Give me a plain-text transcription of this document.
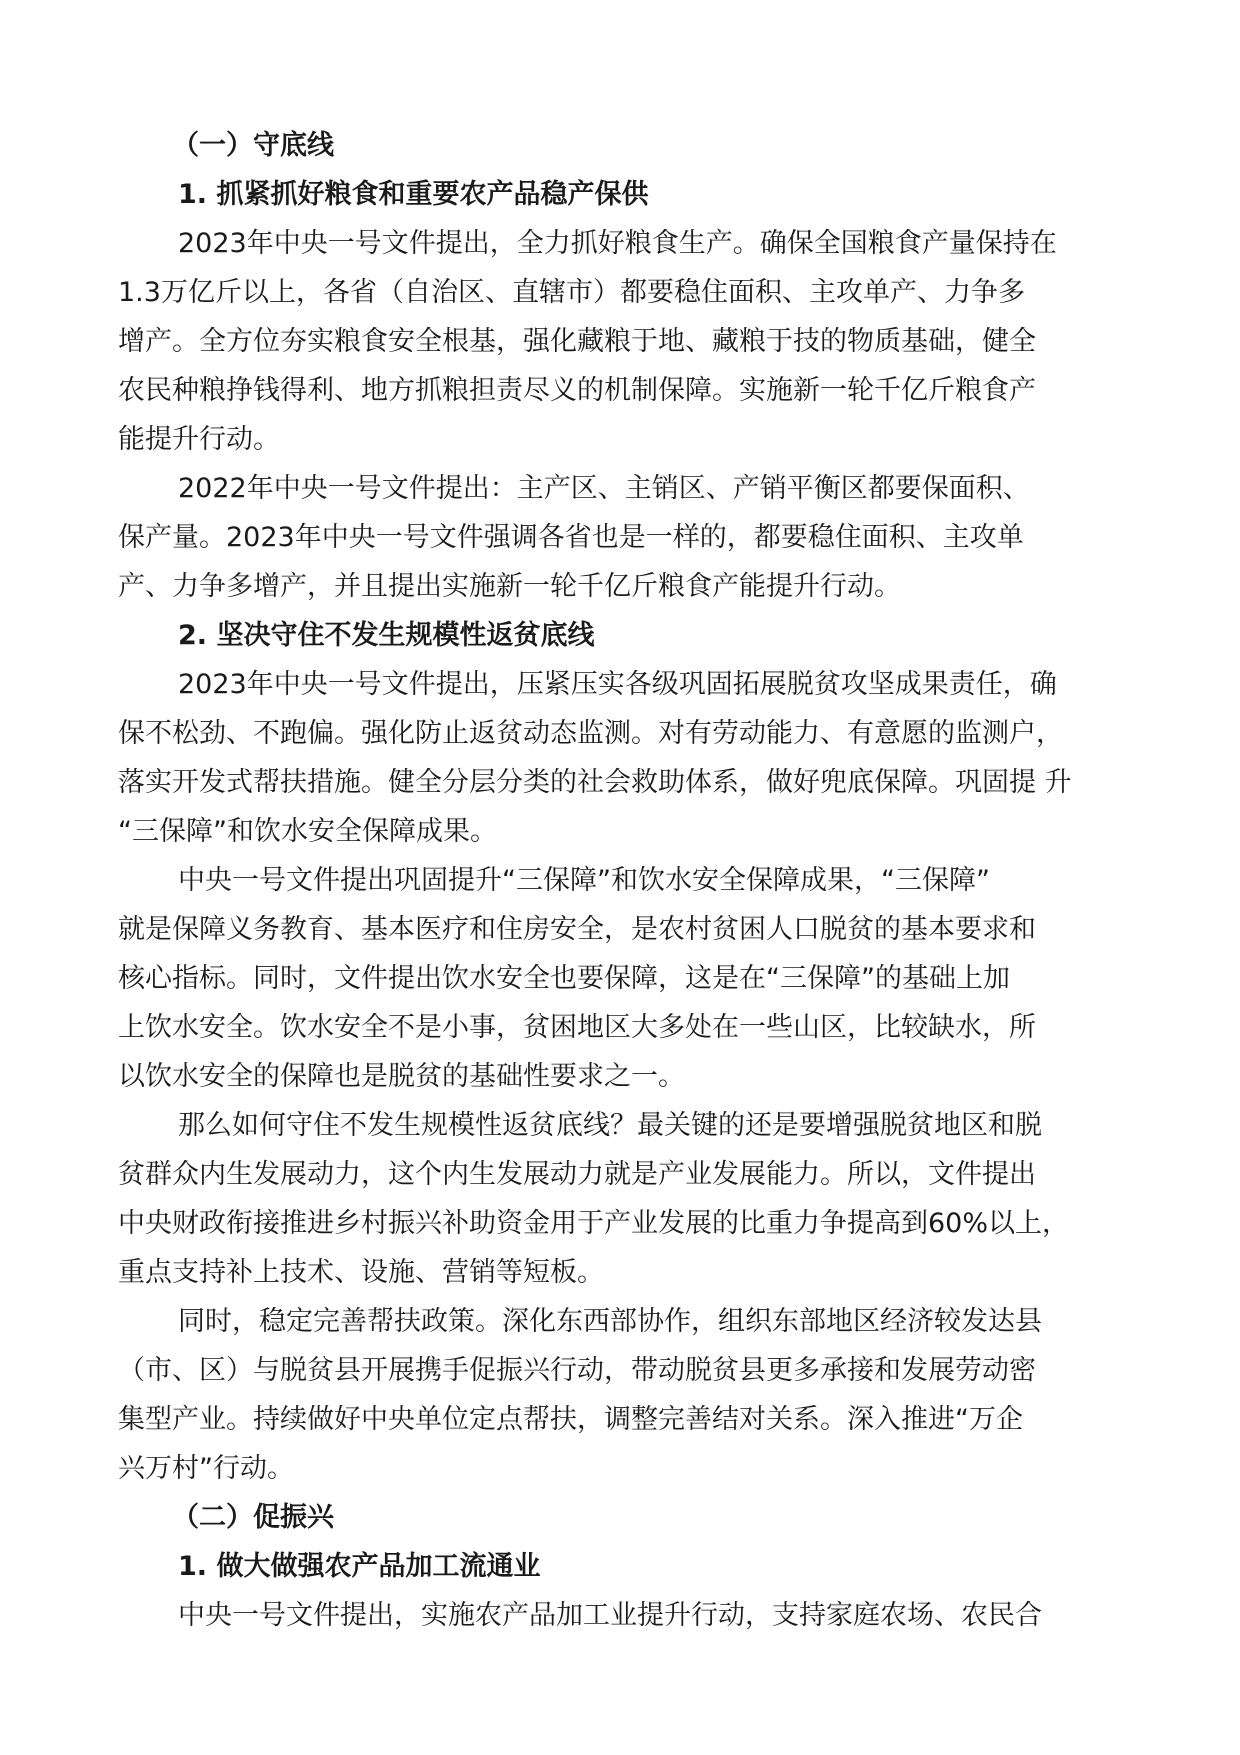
（一）守底线
1. 抓紧抓好粮食和重要农产品稳产保供
2023年中央一号文件提出，全力抓好粮食生产。确保全国粮食产量保持在
1.3万亿斤以上，各省（自治区、直辖市）都要稳住面积、主攻单产、力争多
增产。全方位夯实粮食安全根基，强化藏粮于地、藏粮于技的物质基础，健全
农民种粮挣钱得利、地方抓粮担责尽义的机制保障。实施新一轮千亿斤粮食产
能提升行动。
2022年中央一号文件提出：主产区、主销区、产销平衡区都要保面积、
保产量。2023年中央一号文件强调各省也是一样的，都要稳住面积、主攻单
产、力争多增产，并且提出实施新一轮千亿斤粮食产能提升行动。
2. 坚决守住不发生规模性返贫底线
2023年中央一号文件提出，压紧压实各级巩固拓展脱贫攻坚成果责任，确
保不松劲、不跑偏。强化防止返贫动态监测。对有劳动能力、有意愿的监测户，
落实开发式帮扶措施。健全分层分类的社会救助体系，做好兜底保障。巩固提 升
“三保障”和饮水安全保障成果。
中央一号文件提出巩固提升“三保障”和饮水安全保障成果，“三保障”
就是保障义务教育、基本医疗和住房安全，是农村贫困人口脱贫的基本要求和
核心指标。同时，文件提出饮水安全也要保障，这是在“三保障”的基础上加
上饮水安全。饮水安全不是小事，贫困地区大多处在一些山区，比较缺水，所
以饮水安全的保障也是脱贫的基础性要求之一。
那么如何守住不发生规模性返贫底线？最关键的还是要增强脱贫地区和脱
贫群众内生发展动力，这个内生发展动力就是产业发展能力。所以，文件提出
中央财政衔接推进乡村振兴补助资金用于产业发展的比重力争提高到60%以上，
重点支持补上技术、设施、营销等短板。
同时，稳定完善帮扶政策。深化东西部协作，组织东部地区经济较发达县
（市、区）与脱贫县开展携手促振兴行动，带动脱贫县更多承接和发展劳动密
集型产业。持续做好中央单位定点帮扶，调整完善结对关系。深入推进“万企
兴万村”行动。
（二）促振兴
1. 做大做强农产品加工流通业
中央一号文件提出，实施农产品加工业提升行动，支持家庭农场、农民合
